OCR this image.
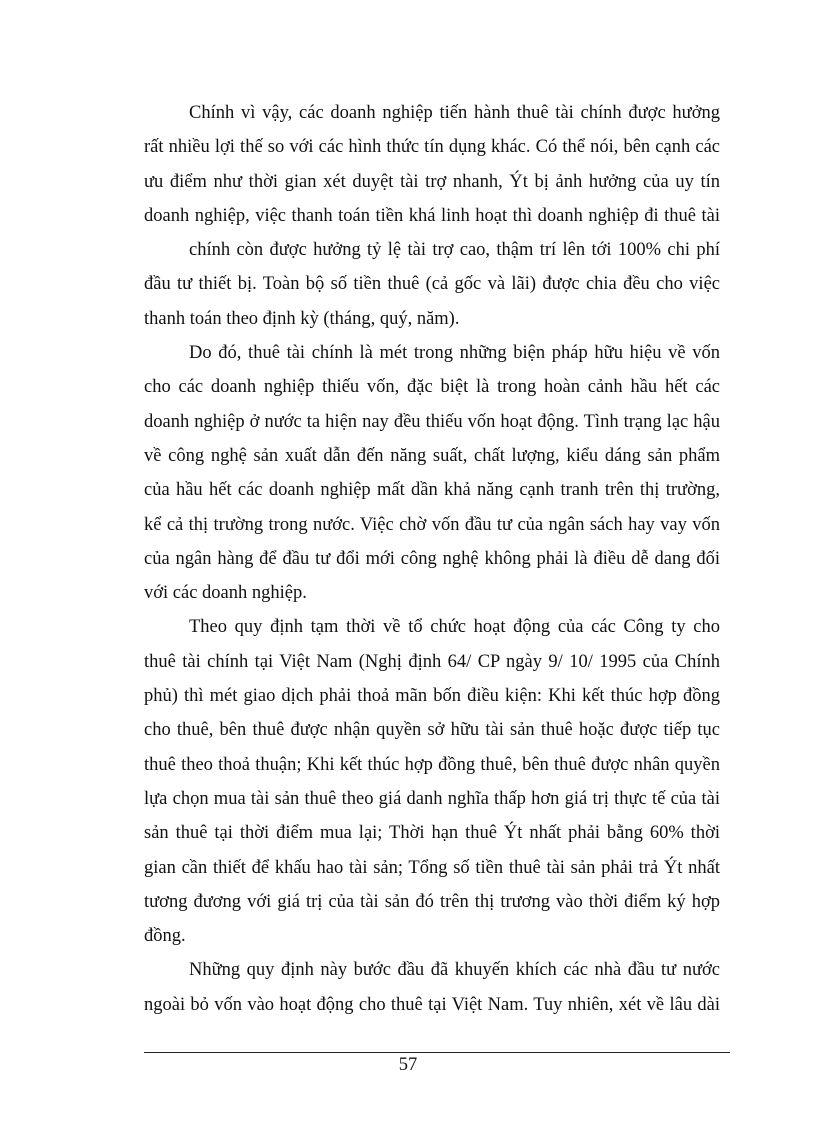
Chính vì vậy, các doanh nghiệp tiến hành thuê tài chính được hưởng
rất nhiều lợi thế so với các hình thức tín dụng khác. Có thể nói, bên cạnh các
ưu điểm như thời gian xét duyệt tài trợ nhanh, Ýt bị ảnh hưởng của uy tín
doanh nghiệp, việc thanh toán tiền khá linh hoạt thì doanh nghiệp đi thuê tài
chính còn được hưởng tỷ lệ tài trợ cao, thậm trí lên tới 100% chi phí
đầu tư thiết bị. Toàn bộ số tiền thuê (cả gốc và lãi) được chia đều cho việc
thanh toán theo định kỳ (tháng, quý, năm).
Do đó, thuê tài chính là mét trong những biện pháp hữu hiệu về vốn
cho các doanh nghiệp thiếu vốn, đặc biệt là trong hoàn cảnh hầu hết các
doanh nghiệp ở nước ta hiện nay đều thiếu vốn hoạt động. Tình trạng lạc hậu
về công nghệ sản xuất dẫn đến năng suất, chất lượng, kiểu dáng sản phẩm
của hầu hết các doanh nghiệp mất dần khả năng cạnh tranh trên thị trường,
kể cả thị trường trong nước. Việc chờ vốn đầu tư của ngân sách hay vay vốn
của ngân hàng để đầu tư đổi mới công nghệ không phải là điều dễ dang đối
với các doanh nghiệp.
Theo quy định tạm thời về tổ chức hoạt động của các Công ty cho
thuê tài chính tại Việt Nam (Nghị định 64/ CP ngày 9/ 10/ 1995 của Chính
phủ) thì mét giao dịch phải thoả mãn bốn điều kiện: Khi kết thúc hợp đồng
cho thuê, bên thuê được nhận quyền sở hữu tài sản thuê hoặc được tiếp tục
thuê theo thoả thuận; Khi kết thúc hợp đồng thuê, bên thuê được nhân quyền
lựa chọn mua tài sản thuê theo giá danh nghĩa thấp hơn giá trị thực tế của tài
sản thuê tại thời điểm mua lại; Thời hạn thuê Ýt nhất phải bằng 60% thời
gian cần thiết để khấu hao tài sản; Tổng số tiền thuê tài sản phải trả Ýt nhất
tương đương với giá trị của tài sản đó trên thị trương vào thời điểm ký hợp
đồng.
Những quy định này bước đầu đã khuyến khích các nhà đầu tư nước
ngoài bỏ vốn vào hoạt động cho thuê tại Việt Nam. Tuy nhiên, xét về lâu dài
57
